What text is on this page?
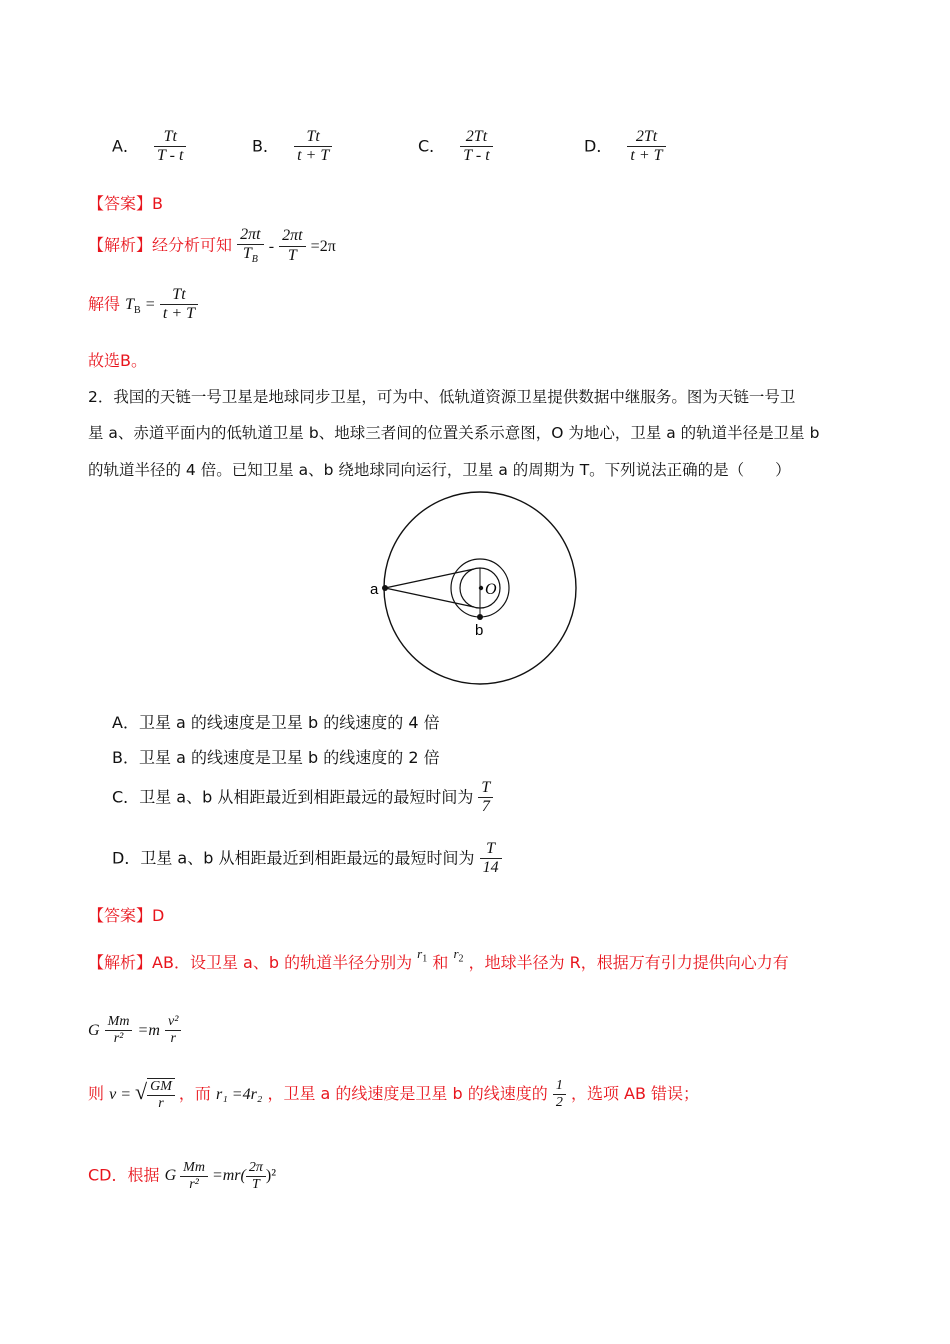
A． $\frac{Tt}{T - t}$	B． $\frac{Tt}{t + T}$	C． $\frac{2Tt}{T - t}$	D． $\frac{2Tt}{t + T}$
【答案】B
【解析】经分析可知 $\frac{2\pi t}{T_B} - \frac{2\pi t}{T} =2\pi$
解得 $T_B = \frac{Tt}{t + T}$
故选B。
2．我国的天链一号卫星是地球同步卫星，可为中、低轨道资源卫星提供数据中继服务。图为天链一号卫
星 a、赤道平面内的低轨道卫星 b、地球三者间的位置关系示意图，O 为地心，卫星 a 的轨道半径是卫星 b
的轨道半径的 4 倍。已知卫星 a、b 绕地球同向运行，卫星 a 的周期为 T。下列说法正确的是（　　）
a
b
O
A．卫星 a 的线速度是卫星 b 的线速度的 4 倍
B．卫星 a 的线速度是卫星 b 的线速度的 2 倍
C．卫星 a、b 从相距最近到相距最远的最短时间为 $\frac{T}{7}$
D．卫星 a、b 从相距最近到相距最远的最短时间为 $\frac{T}{14}$
【答案】D
【解析】AB．设卫星 a、b 的轨道半径分别为 $^{r_1}$ 和 $^{r_2}$ ，地球半径为 R，根据万有引力提供向心力有
G $\frac{Mm}{\text{r²}} =m \frac{\text{v²}}{r}$
则 v = √ $\frac{GM}{r}$ ，而 r₁ =4r₂ ，卫星 a 的线速度是卫星 b 的线速度的 $\frac{1}{2}$ ，选项 AB 错误；
CD．根据 G $\frac{Mm}{\text{r²}} =mr( \frac{2\pi}{T} )^2$
